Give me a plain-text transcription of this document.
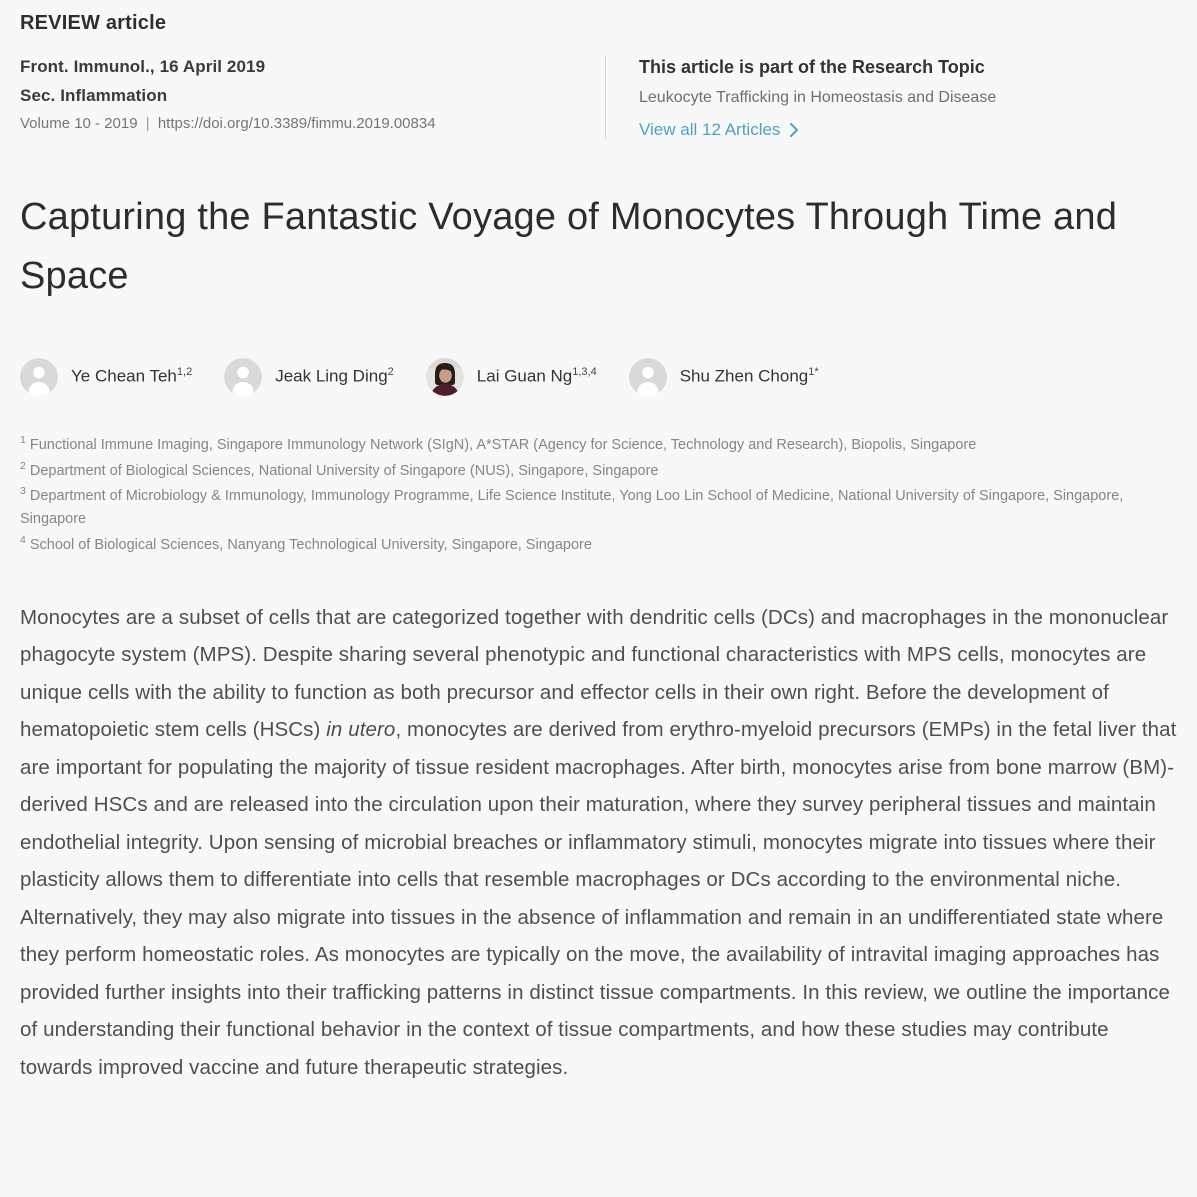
REVIEW article
Front. Immunol., 16 April 2019
Sec. Inflammation
Volume 10 - 2019 | https://doi.org/10.3389/fimmu.2019.00834
This article is part of the Research Topic
Leukocyte Trafficking in Homeostasis and Disease
View all 12 Articles
Capturing the Fantastic Voyage of Monocytes Through Time and Space
Ye Chean Teh$^{1,2}$	Jeak Ling Ding$^2$	Lai Guan Ng$^{1,3,4}$	Shu Zhen Chong$^{1*}$
$^1$ Functional Immune Imaging, Singapore Immunology Network (SIgN), A*STAR (Agency for Science, Technology and Research), Biopolis, Singapore
$^2$ Department of Biological Sciences, National University of Singapore (NUS), Singapore, Singapore
$^3$ Department of Microbiology & Immunology, Immunology Programme, Life Science Institute, Yong Loo Lin School of Medicine, National University of Singapore, Singapore, Singapore
$^4$ School of Biological Sciences, Nanyang Technological University, Singapore, Singapore

Monocytes are a subset of cells that are categorized together with dendritic cells (DCs) and macrophages in the mononuclear phagocyte system (MPS). Despite sharing several phenotypic and functional characteristics with MPS cells, monocytes are unique cells with the ability to function as both precursor and effector cells in their own right. Before the development of hematopoietic stem cells (HSCs) in utero, monocytes are derived from erythro-myeloid precursors (EMPs) in the fetal liver that are important for populating the majority of tissue resident macrophages. After birth, monocytes arise from bone marrow (BM)-derived HSCs and are released into the circulation upon their maturation, where they survey peripheral tissues and maintain endothelial integrity. Upon sensing of microbial breaches or inflammatory stimuli, monocytes migrate into tissues where their plasticity allows them to differentiate into cells that resemble macrophages or DCs according to the environmental niche. Alternatively, they may also migrate into tissues in the absence of inflammation and remain in an undifferentiated state where they perform homeostatic roles. As monocytes are typically on the move, the availability of intravital imaging approaches has provided further insights into their trafficking patterns in distinct tissue compartments. In this review, we outline the importance of understanding their functional behavior in the context of tissue compartments, and how these studies may contribute towards improved vaccine and future therapeutic strategies.
